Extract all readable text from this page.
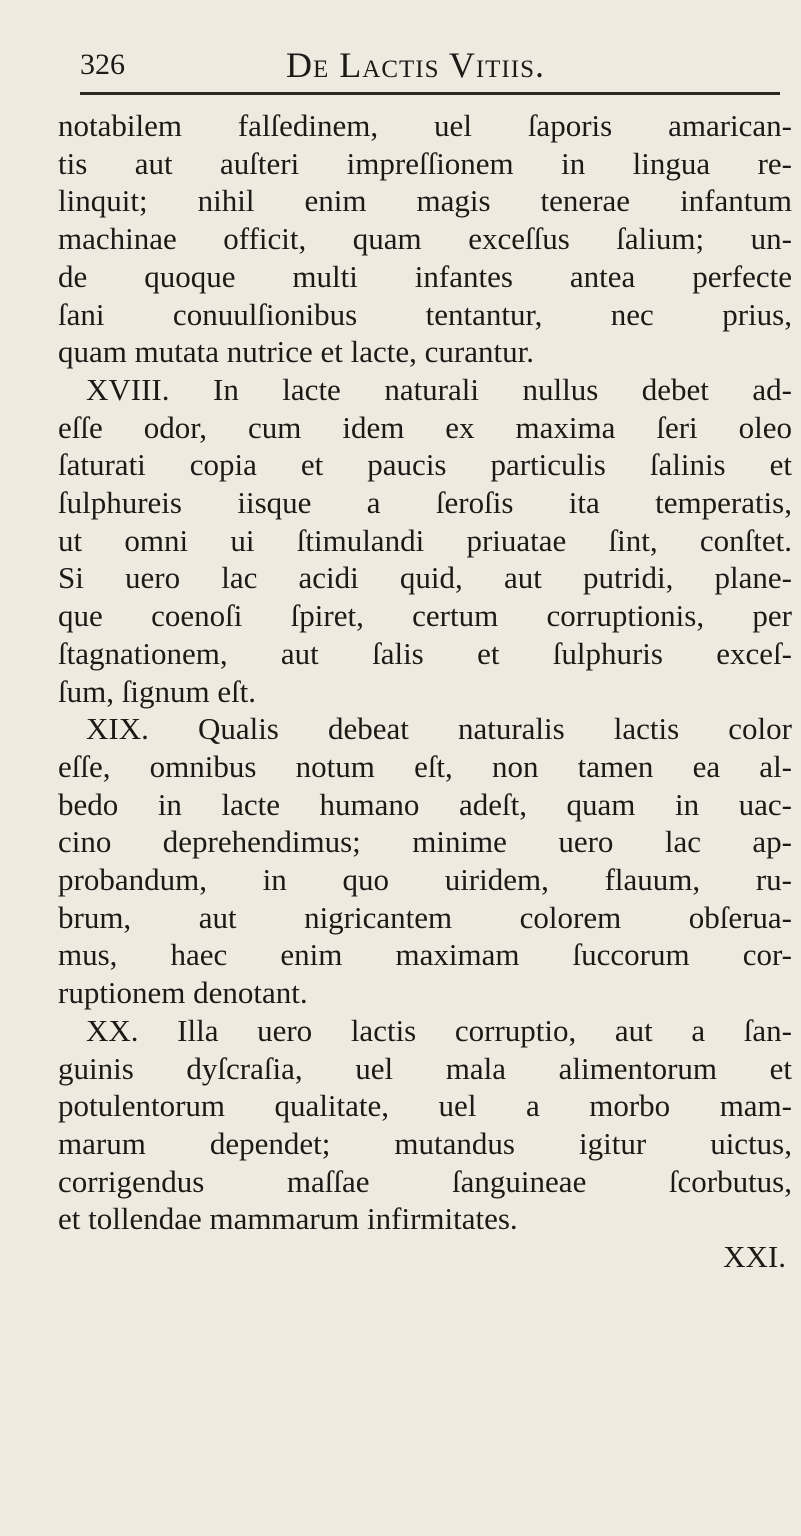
326	De Lactis Vitiis.
notabilem falſedinem, uel ſaporis amarican-
tis aut auſteri impreſſionem in lingua re-
linquit; nihil enim magis tenerae infantum
machinae officit, quam exceſſus ſalium; un-
de quoque multi infantes antea perfecte
ſani conuulſionibus tentantur, nec prius,
quam mutata nutrice et lacte, curantur.
XVIII. In lacte naturali nullus debet ad-
eſſe odor, cum idem ex maxima ſeri oleo
ſaturati copia et paucis particulis ſalinis et
ſulphureis iisque a ſeroſis ita temperatis,
ut omni ui ſtimulandi priuatae ſint, conſtet.
Si uero lac acidi quid, aut putridi, plane-
que coenoſi ſpiret, certum corruptionis, per
ſtagnationem, aut ſalis et ſulphuris exceſ-
ſum, ſignum eſt.
XIX. Qualis debeat naturalis lactis color
eſſe, omnibus notum eſt, non tamen ea al-
bedo in lacte humano adeſt, quam in uac-
cino deprehendimus; minime uero lac ap-
probandum, in quo uiridem, flauum, ru-
brum, aut nigricantem colorem obſerua-
mus, haec enim maximam ſuccorum cor-
ruptionem denotant.
XX. Illa uero lactis corruptio, aut a ſan-
guinis dyſcraſia, uel mala alimentorum et
potulentorum qualitate, uel a morbo mam-
marum dependet; mutandus igitur uictus,
corrigendus maſſae ſanguineae ſcorbutus,
et tollendae mammarum infirmitates.
XXI.
